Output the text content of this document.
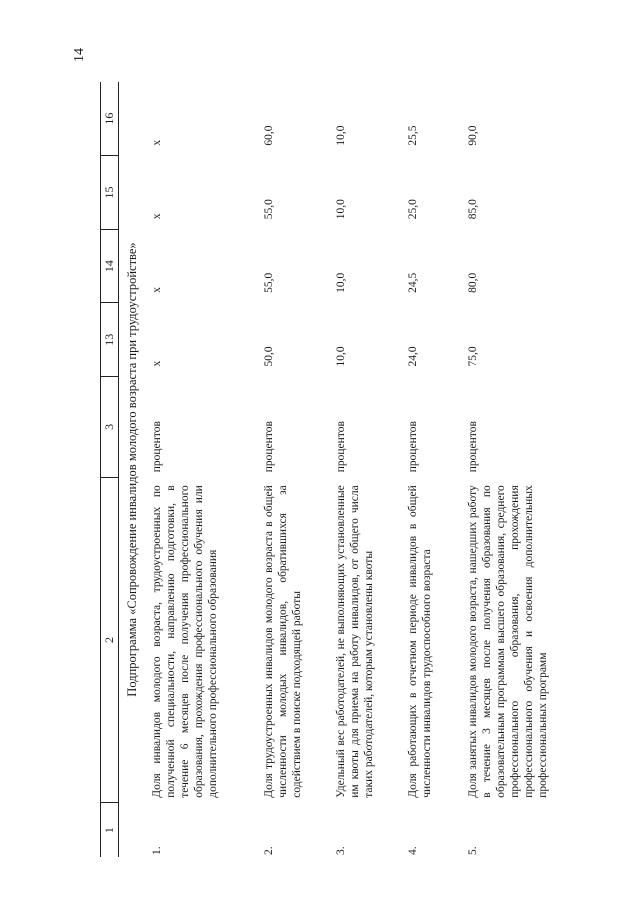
14
1	2	3	13	14	15	16
Подпрограмма «Сопровождение инвалидов молодого возраста при трудоустройстве»						
1.	Доля инвалидов молодого возраста, трудоустроенных по полученной специальности, направлению подготовки, в течение 6 месяцев после получения профессионального образования, прохождения профессионального обучения или дополнительного профессионального образования	процентов	х	х	х	х
2.	Доля трудоустроенных инвалидов молодого возраста в общей численности молодых инвалидов, обратившихся за содействием в поиске подходящей работы	процентов	50,0	55,0	55,0	60,0
3.	Удельный вес работодателей, не выполняющих установленные им квоты для приема на работу инвалидов, от общего числа таких работодателей, которым установлены квоты	процентов	10,0	10,0	10,0	10,0
4.	Доля работающих в отчетном периоде инвалидов в общей численности инвалидов трудоспособного возраста	процентов	24,0	24,5	25,0	25,5
5.	Доля занятых инвалидов молодого возраста, нашедших работу в течение 3 месяцев после получения образования по образовательным программам высшего образования, среднего профессионального образования, прохождения профессионального обучения и освоения дополнительных профессиональных программ	процентов	75,0	80,0	85,0	90,0
